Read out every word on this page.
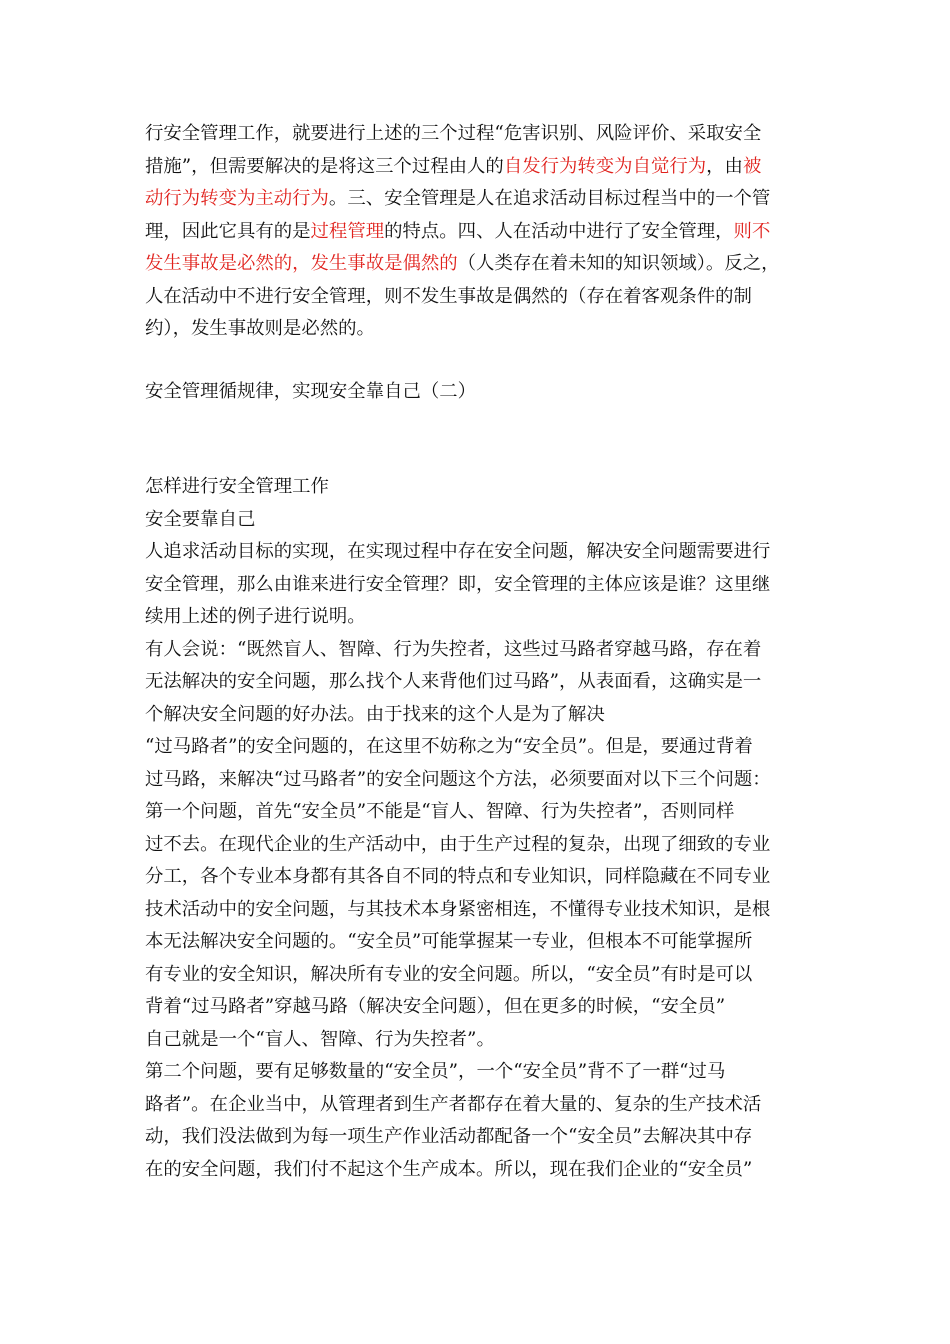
行安全管理工作，就要进行上述的三个过程“危害识别、风险评价、采取安全
措施”，但需要解决的是将这三个过程由人的自发行为转变为自觉行为，由被
动行为转变为主动行为。三、安全管理是人在追求活动目标过程当中的一个管
理，因此它具有的是过程管理的特点。四、人在活动中进行了安全管理，则不
发生事故是必然的，发生事故是偶然的（人类存在着未知的知识领域）。反之，
人在活动中不进行安全管理，则不发生事故是偶然的（存在着客观条件的制
约），发生事故则是必然的。
安全管理循规律，实现安全靠自己（二）
怎样进行安全管理工作
安全要靠自己
人追求活动目标的实现，在实现过程中存在安全问题，解决安全问题需要进行
安全管理，那么由谁来进行安全管理？即，安全管理的主体应该是谁？这里继
续用上述的例子进行说明。
有人会说：“既然盲人、智障、行为失控者，这些过马路者穿越马路，存在着
无法解决的安全问题，那么找个人来背他们过马路”，从表面看，这确实是一
个解决安全问题的好办法。由于找来的这个人是为了解决
“过马路者”的安全问题的，在这里不妨称之为“安全员”。但是，要通过背着
过马路，来解决“过马路者”的安全问题这个方法，必须要面对以下三个问题：
第一个问题，首先“安全员”不能是“盲人、智障、行为失控者”，否则同样
过不去。在现代企业的生产活动中，由于生产过程的复杂，出现了细致的专业
分工，各个专业本身都有其各自不同的特点和专业知识，同样隐藏在不同专业
技术活动中的安全问题，与其技术本身紧密相连，不懂得专业技术知识，是根
本无法解决安全问题的。“安全员”可能掌握某一专业，但根本不可能掌握所
有专业的安全知识，解决所有专业的安全问题。所以，“安全员”有时是可以
背着“过马路者”穿越马路（解决安全问题），但在更多的时候，“安全员”
自己就是一个“盲人、智障、行为失控者”。
第二个问题，要有足够数量的“安全员”，一个“安全员”背不了一群“过马
路者”。在企业当中，从管理者到生产者都存在着大量的、复杂的生产技术活
动，我们没法做到为每一项生产作业活动都配备一个“安全员”去解决其中存
在的安全问题，我们付不起这个生产成本。所以，现在我们企业的“安全员”
